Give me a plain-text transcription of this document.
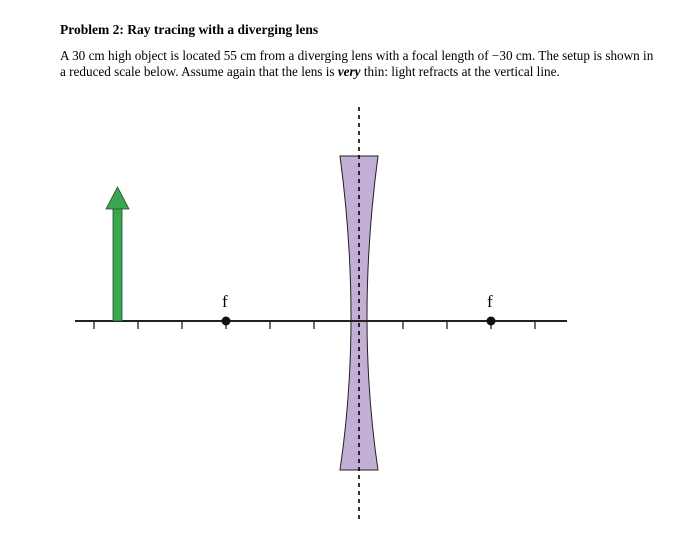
Problem 2: Ray tracing with a diverging lens

A 30 cm high object is located 55 cm from a diverging lens with a focal length of −30 cm. The setup is shown in a reduced scale below. Assume again that the lens is very thin: light refracts at the vertical line.

f	f
